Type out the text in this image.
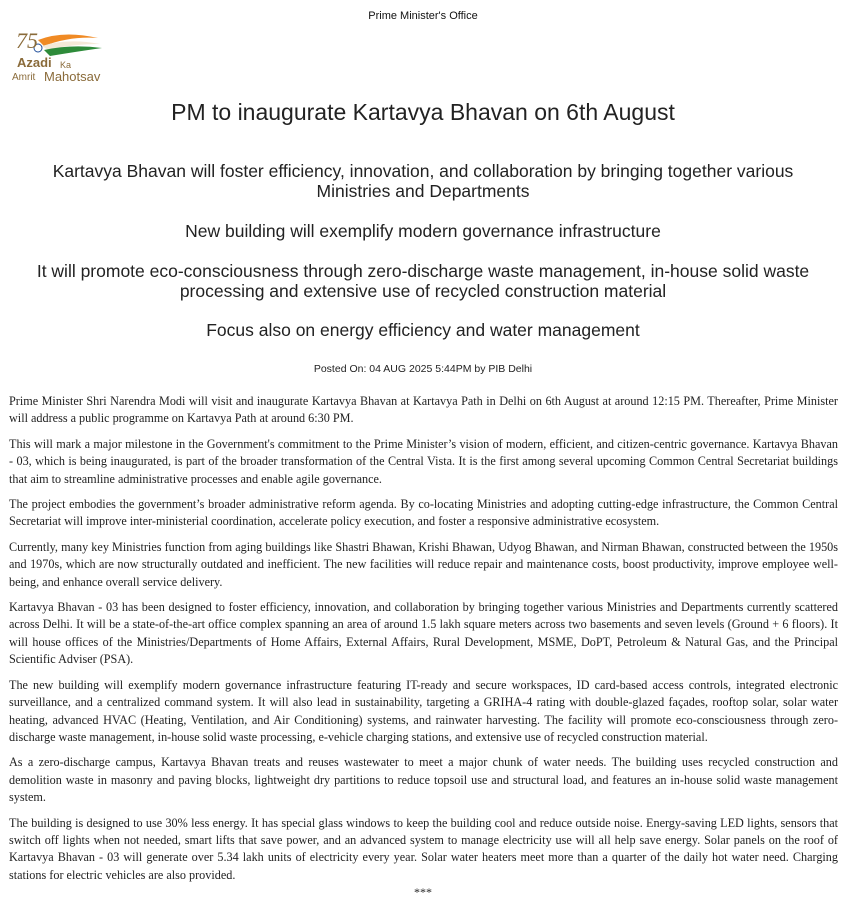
Prime Minister's Office
75
Azadi Ka
Amrit Mahotsav
PM to inaugurate Kartavya Bhavan on 6th August
Kartavya Bhavan will foster efficiency, innovation, and collaboration by bringing together various Ministries and Departments
New building will exemplify modern governance infrastructure
It will promote eco-consciousness through zero-discharge waste management, in-house solid waste processing and extensive use of recycled construction material
Focus also on energy efficiency and water management
Posted On: 04 AUG 2025 5:44PM by PIB Delhi

Prime Minister Shri Narendra Modi will visit and inaugurate Kartavya Bhavan at Kartavya Path in Delhi on 6th August at around 12:15 PM. Thereafter, Prime Minister will address a public programme on Kartavya Path at around 6:30 PM.

This will mark a major milestone in the Government's commitment to the Prime Minister’s vision of modern, efficient, and citizen-centric governance. Kartavya Bhavan - 03, which is being inaugurated, is part of the broader transformation of the Central Vista. It is the first among several upcoming Common Central Secretariat buildings that aim to streamline administrative processes and enable agile governance.

The project embodies the government’s broader administrative reform agenda. By co-locating Ministries and adopting cutting-edge infrastructure, the Common Central Secretariat will improve inter-ministerial coordination, accelerate policy execution, and foster a responsive administrative ecosystem.

Currently, many key Ministries function from aging buildings like Shastri Bhawan, Krishi Bhawan, Udyog Bhawan, and Nirman Bhawan, constructed between the 1950s and 1970s, which are now structurally outdated and inefficient. The new facilities will reduce repair and maintenance costs, boost productivity, improve employee well-being, and enhance overall service delivery.

Kartavya Bhavan - 03 has been designed to foster efficiency, innovation, and collaboration by bringing together various Ministries and Departments currently scattered across Delhi. It will be a state-of-the-art office complex spanning an area of around 1.5 lakh square meters across two basements and seven levels (Ground + 6 floors). It will house offices of the Ministries/Departments of Home Affairs, External Affairs, Rural Development, MSME, DoPT, Petroleum & Natural Gas, and the Principal Scientific Adviser (PSA).

The new building will exemplify modern governance infrastructure featuring IT-ready and secure workspaces, ID card-based access controls, integrated electronic surveillance, and a centralized command system. It will also lead in sustainability, targeting a GRIHA-4 rating with double-glazed façades, rooftop solar, solar water heating, advanced HVAC (Heating, Ventilation, and Air Conditioning) systems, and rainwater harvesting. The facility will promote eco-consciousness through zero-discharge waste management, in-house solid waste processing, e-vehicle charging stations, and extensive use of recycled construction material.

As a zero-discharge campus, Kartavya Bhavan treats and reuses wastewater to meet a major chunk of water needs. The building uses recycled construction and demolition waste in masonry and paving blocks, lightweight dry partitions to reduce topsoil use and structural load, and features an in-house solid waste management system.

The building is designed to use 30% less energy. It has special glass windows to keep the building cool and reduce outside noise. Energy-saving LED lights, sensors that switch off lights when not needed, smart lifts that save power, and an advanced system to manage electricity use will all help save energy. Solar panels on the roof of Kartavya Bhavan - 03 will generate over 5.34 lakh units of electricity every year. Solar water heaters meet more than a quarter of the daily hot water need. Charging stations for electric vehicles are also provided.

***
